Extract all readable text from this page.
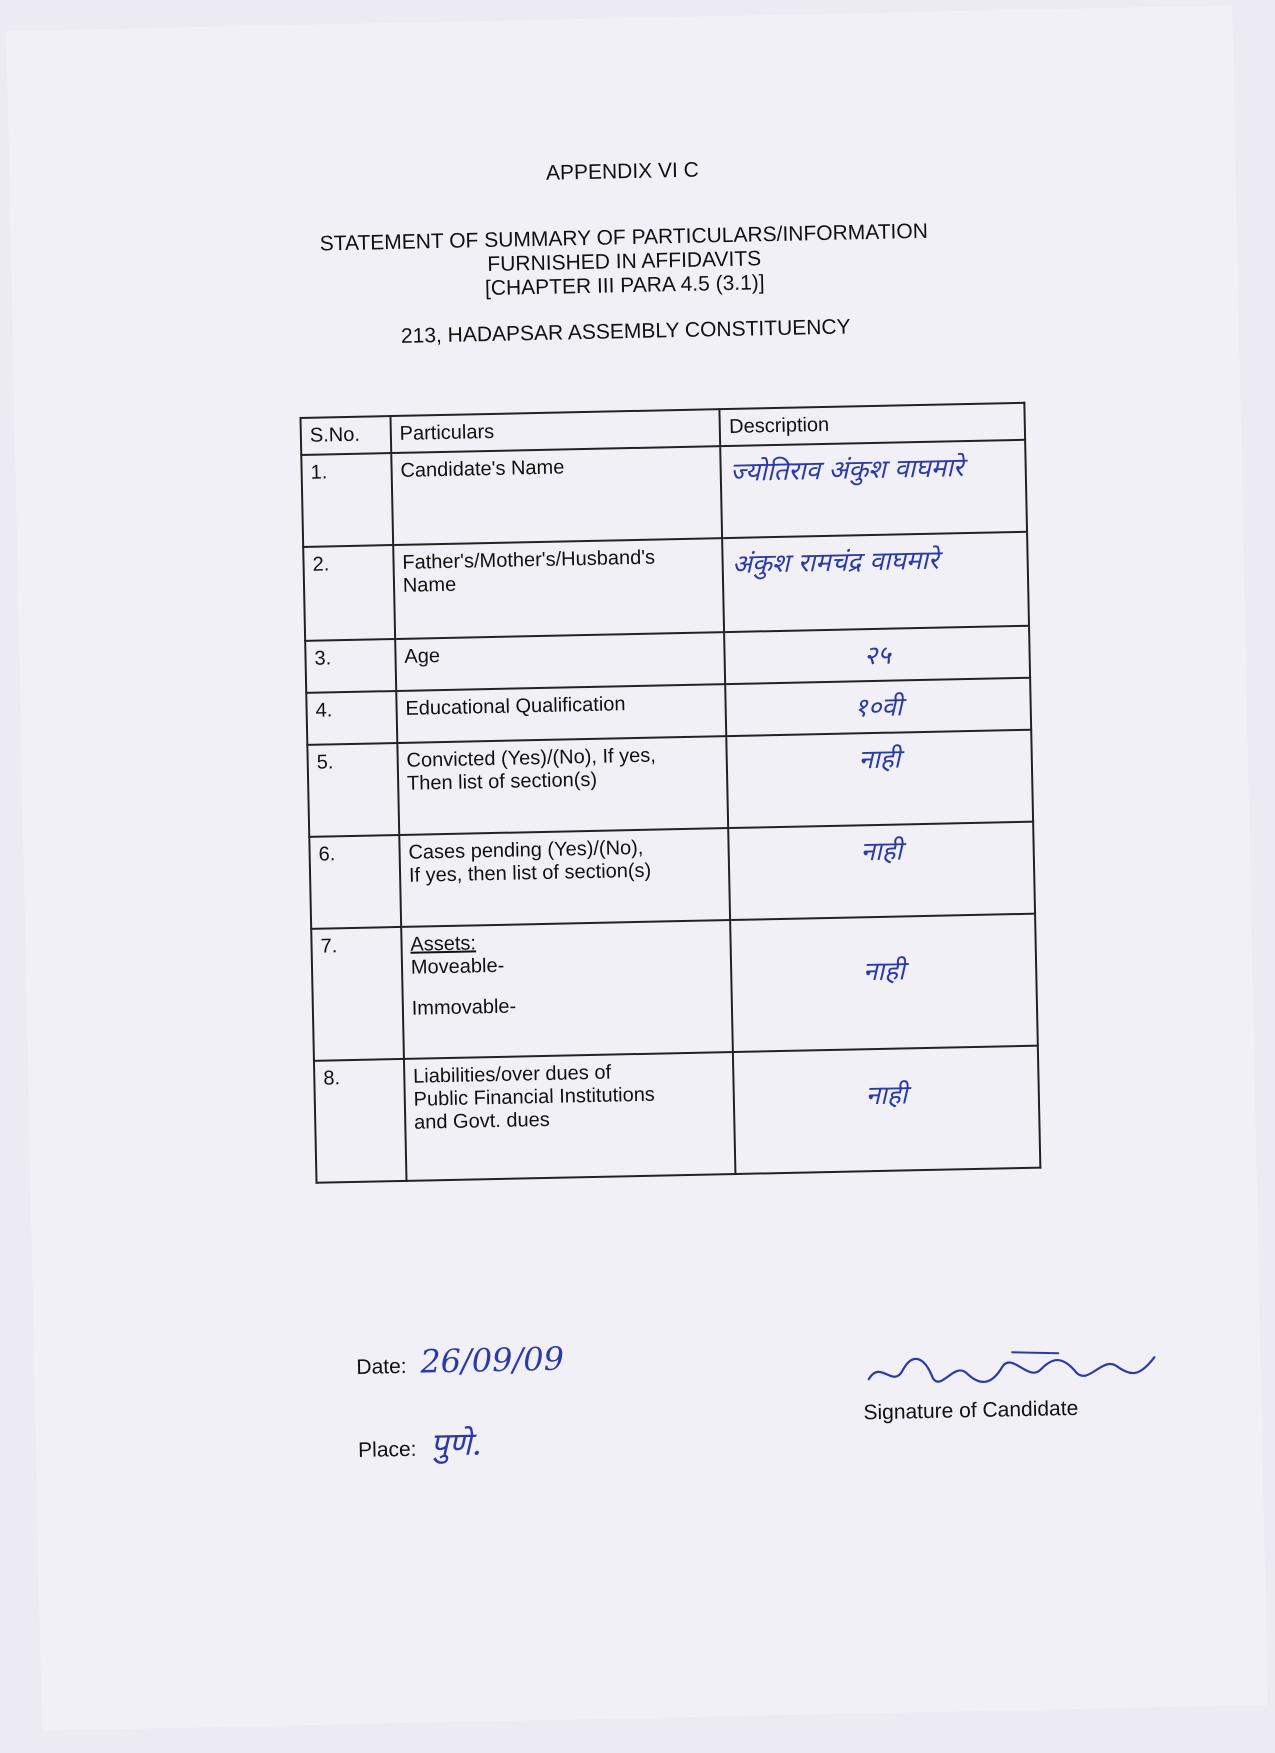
APPENDIX VI C
STATEMENT OF SUMMARY OF PARTICULARS/INFORMATION
FURNISHED IN AFFIDAVITS
[CHAPTER III PARA 4.5 (3.1)]
213, HADAPSAR ASSEMBLY CONSTITUENCY
S.No.	Particulars	Description
1.	Candidate's Name	ज्योतिराव अंकुश वाघमारे
2.	Father's/Mother's/Husband's Name	अंकुश रामचंद्र वाघमारे
3.	Age	२५

4.	Educational Qualification	१०वी

5.	Convicted (Yes)/(No), If yes,
Then list of section(s)	नाही

6.	Cases pending (Yes)/(No),
If yes, then list of section(s)	नाही

7.	Assets:
Moveable-
Immovable-	नाही

8.	Liabilities/over dues of
Public Financial Institutions
and Govt. dues	नाही
Date: 26/09/09
Place: पुणे.
Signature of Candidate
